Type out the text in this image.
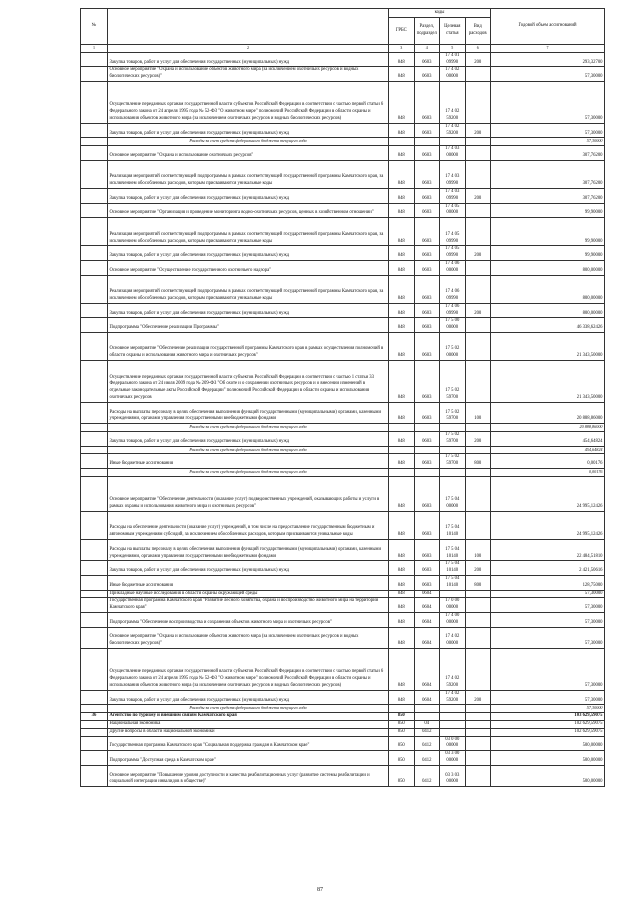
№		коды				Годовой объем ассигнований
		ГРБС	Раздел, подраздел	Целевая статья	Вид расходов	
1	2	3	4	5	6	7
	Закупка товаров, работ и услуг для обеспечения государственных (муниципальных) нужд	848	0603	17 4 01 09990	200	293,32700
	Основное мероприятие "Охрана и использование объектов животного мира (за исключением охотничьих ресурсов и водных биологических ресурсов)"	848	0603	17 4 02 00000		57,30000
	Осуществление переданных органам государственной власти субъектов Российской Федерации в соответствии с частью первой статьи 6 Федерального закона от 24 апреля 1995 года № 52-ФЗ "О животном мире" полномочий Российской Федерации в области охраны и использования объектов животного мира (за исключением охотничьих ресурсов и водных биологических ресурсов)	848	0603	17 4 02 59200		57,30000
	Закупка товаров, работ и услуг для обеспечения государственных (муниципальных) нужд	848	0603	17 4 02 59200	200	57,30000
	Расходы за счет средств федерального бюджета текущего года					57,30000
	Основное мероприятие "Охрана и использование охотничьих ресурсов"	848	0603	17 4 03 00000		307,76200
	Реализация мероприятий соответствующей подпрограммы в рамках соответствующей государственной программы Камчатского края, за исключением обособленных расходов, которым присваиваются уникальные коды	848	0603	17 4 03 09990		307,76200
	Закупка товаров, работ и услуг для обеспечения государственных (муниципальных) нужд	848	0603	17 4 03 09990	200	307,76200
	Основное мероприятие "Организация и проведение мониторинга водно-охотничьих ресурсов, ценных в хозяйственном отношении"	848	0603	17 4 05 00000		99,90000
	Реализация мероприятий соответствующей подпрограммы в рамках соответствующей государственной программы Камчатского края, за исключением обособленных расходов, которым присваиваются уникальные коды	848	0603	17 4 05 09990		99,90000
	Закупка товаров, работ и услуг для обеспечения государственных (муниципальных) нужд	848	0603	17 4 05 09990	200	99,90000
	Основное мероприятие "Осуществление государственного охотничьего надзора"	848	0603	17 4 06 00000		800,00000
	Реализация мероприятий соответствующей подпрограммы в рамках соответствующей государственной программы Камчатского края, за исключением обособленных расходов, которым присваиваются уникальные коды	848	0603	17 4 06 09990		800,00000
	Закупка товаров, работ и услуг для обеспечения государственных (муниципальных) нужд	848	0603	17 4 06 09990	200	800,00000
	Подпрограмма "Обеспечение реализации Программы"	848	0603	17 5 00 00000		46 338,62426
	Основное мероприятие "Обеспечение реализации государственной программы Камчатского края в рамках осуществления полномочий в области охраны и использования животного мира и охотничьих ресурсов"	848	0603	17 5 02 00000		21 343,50000
	Осуществление переданных органам государственной власти субъектов Российской Федерации в соответствии с частью 1 статьи 33 Федерального закона от 24 июля 2009 года № 209-ФЗ "Об охоте и о сохранении охотничьих ресурсов и о внесении изменений в отдельные законодательные акты Российской Федерации" полномочий Российской Федерации в области охраны и использования охотничьих ресурсов	848	0603	17 5 02 59700		21 343,50000
	Расходы на выплаты персоналу в целях обеспечения выполнения функций государственными (муниципальными) органами, казенными учреждениями, органами управления государственными внебюджетными фондами	848	0603	17 5 02 59700	100	20 888,86000
	Расходы за счет средств федерального бюджета текущего года					20 888,86000
	Закупка товаров, работ и услуг для обеспечения государственных (муниципальных) нужд	848	0603	17 5 02 59700	200	454,64824
	Расходы за счет средств федерального бюджета текущего года					454,64824
	Иные бюджетные ассигнования	848	0603	17 5 02 59700	800	0,00176
	Расходы за счет средств федерального бюджета текущего года					0,00176
	Основное мероприятие "Обеспечение деятельности (оказание услуг) подведомственных учреждений, оказывающих работы и услуги в рамках охраны и использования животного мира и охотничьих ресурсов"	848	0603	17 5 04 00000		24 995,12426
	Расходы на обеспечение деятельности (оказание услуг) учреждений, в том числе на предоставление государственным бюджетным и автономным учреждениям субсидий, за исключением обособленных расходов, которым присваиваются уникальные коды	848	0603	17 5 04 10140		24 995,12426
	Расходы на выплаты персоналу в целях обеспечения выполнения функций государственными (муниципальными) органами, казенными учреждениями, органами управления государственными внебюджетными фондами	848	0603	17 5 04 10140	100	22 484,51810
	Закупка товаров, работ и услуг для обеспечения государственных (муниципальных) нужд	848	0603	17 5 04 10140	200	2 421,50616
	Иные бюджетные ассигнования	848	0603	17 5 04 10140	800	128,75000
	Прикладные научные исследования в области охраны окружающей среды	848	0604			57,30000
	Государственная программа Камчатского края "Развитие лесного хозяйства, охрана и воспроизводство животного мира на территории Камчатского края"	848	0604	17 0 00 00000		57,30000
	Подпрограмма "Обеспечение воспроизводства и сохранения объектов животного мира и охотничьих ресурсов"	848	0604	17 4 00 00000		57,30000
	Основное мероприятие "Охрана и использование объектов животного мира (за исключением охотничьих ресурсов и водных биологических ресурсов)"	848	0604	17 4 02 00000		57,30000
	Осуществление переданных органам государственной власти субъектов Российской Федерации в соответствии с частью первой статьи 6 Федерального закона от 24 апреля 1995 года № 52-ФЗ "О животном мире" полномочий Российской Федерации в области охраны и использования объектов животного мира (за исключением охотничьих ресурсов и водных биологических ресурсов)	848	0604	17 4 02 59200		57,30000
	Закупка товаров, работ и услуг для обеспечения государственных (муниципальных) нужд	848	0604	17 4 02 59200	200	57,30000
	Расходы за счет средств федерального бюджета текущего года					57,30000
36	Агентство по туризму и внешним связям Камчатского края	850				103 629,59075
	Национальная экономика	850	04			102 629,59075
	Другие вопросы в области национальной экономики	850	0412			102 629,59075
	Государственная программа Камчатского края "Социальная поддержка граждан в Камчатском крае"	850	0412	03 0 00 00000		500,00000
	Подпрограмма "Доступная среда в Камчатском крае"	850	0412	03 3 00 00000		500,00000
	Основное мероприятие "Повышение уровня доступности и качества реабилитационных услуг (развитие системы реабилитации и социальной интеграции инвалидов в обществе)"	850	0412	03 3 03 00000		500,00000
87
